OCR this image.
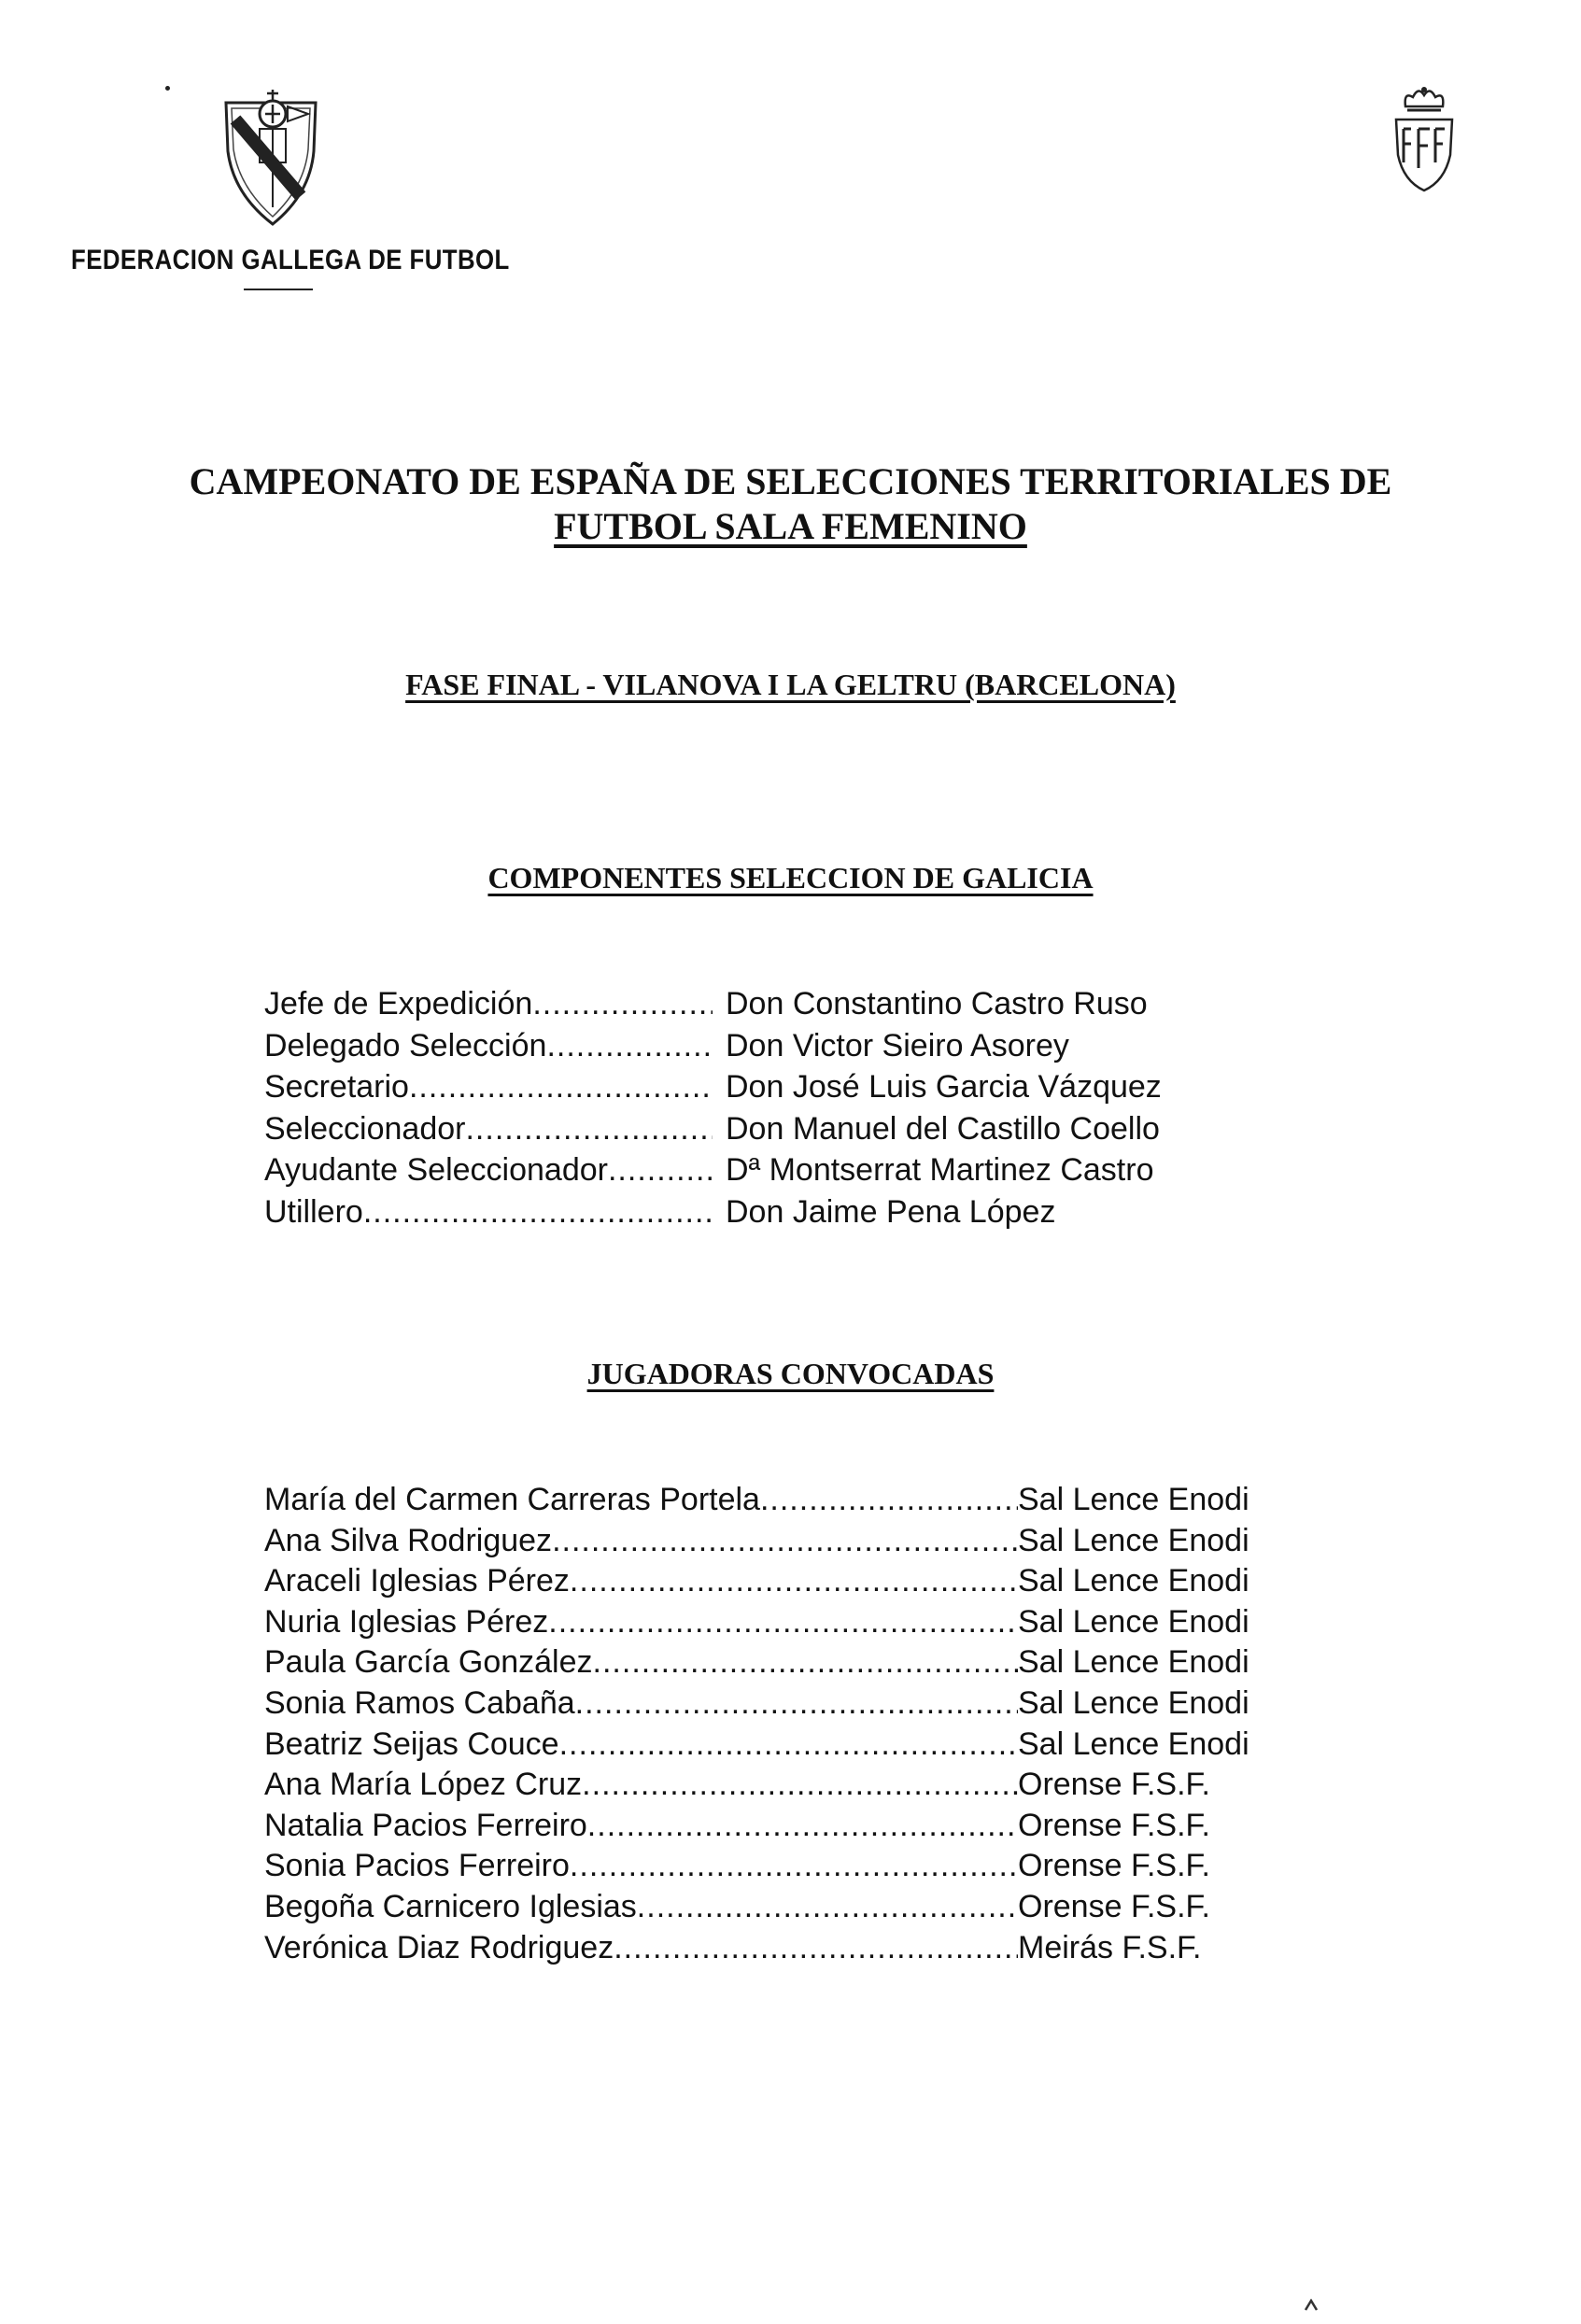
FEDERACION GALLEGA DE FUTBOL
CAMPEONATO DE ESPAÑA DE SELECCIONES TERRITORIALES DE
FUTBOL SALA FEMENINO
FASE FINAL - VILANOVA I LA GELTRU (BARCELONA)
COMPONENTES SELECCION DE GALICIA
Jefe de Expedición .....	Don Constantino Castro Ruso
Delegado Selección .....	Don Victor Sieiro Asorey
Secretario .....	Don José Luis Garcia Vázquez
Seleccionador .....	Don Manuel del Castillo Coello
Ayudante Seleccionador .....	Dª Montserrat Martinez Castro
Utillero .....	Don Jaime Pena López
JUGADORAS CONVOCADAS
María del Carmen Carreras Portela .....	Sal Lence Enodi
Ana Silva Rodriguez .....	Sal Lence Enodi
Araceli Iglesias Pérez .....	Sal Lence Enodi
Nuria Iglesias Pérez .....	Sal Lence Enodi
Paula García González .....	Sal Lence Enodi
Sonia Ramos Cabaña .....	Sal Lence Enodi
Beatriz Seijas Couce .....	Sal Lence Enodi
Ana María López Cruz .....	Orense F.S.F.
Natalia Pacios Ferreiro .....	Orense F.S.F.
Sonia Pacios Ferreiro .....	Orense F.S.F.
Begoña Carnicero Iglesias .....	Orense F.S.F.
Verónica Diaz Rodriguez .....	Meirás F.S.F.
